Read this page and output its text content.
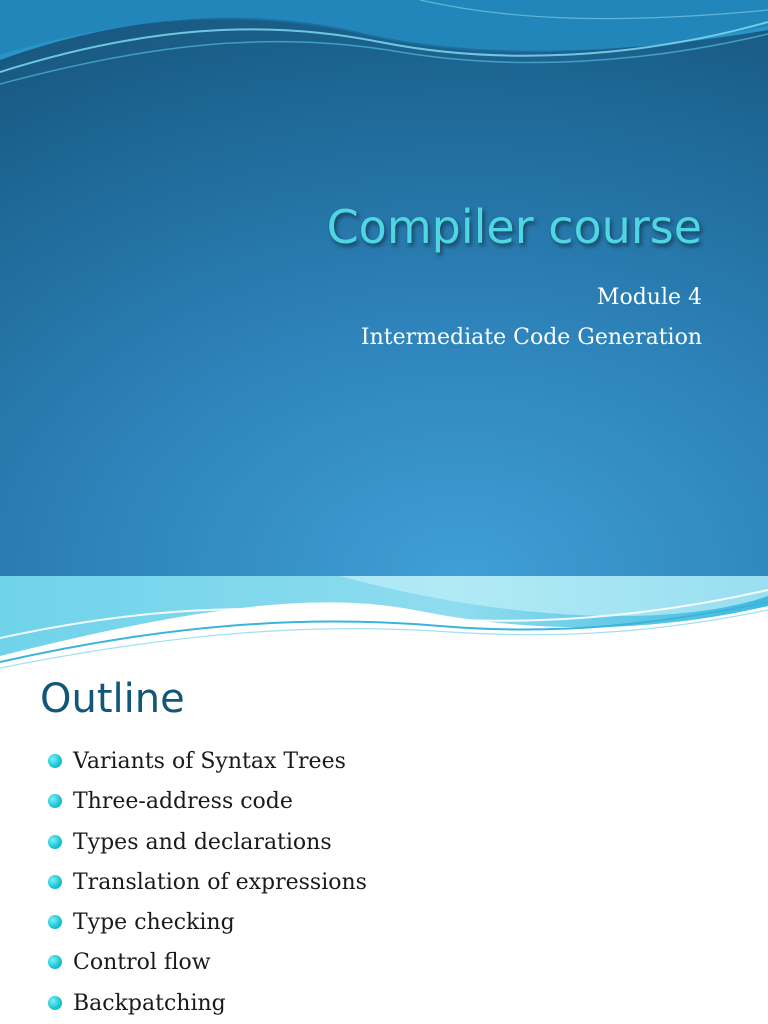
Compiler course
Module 4
Intermediate Code Generation
Outline
Variants of Syntax Trees
Three-address code
Types and declarations
Translation of expressions
Type checking
Control flow
Backpatching
